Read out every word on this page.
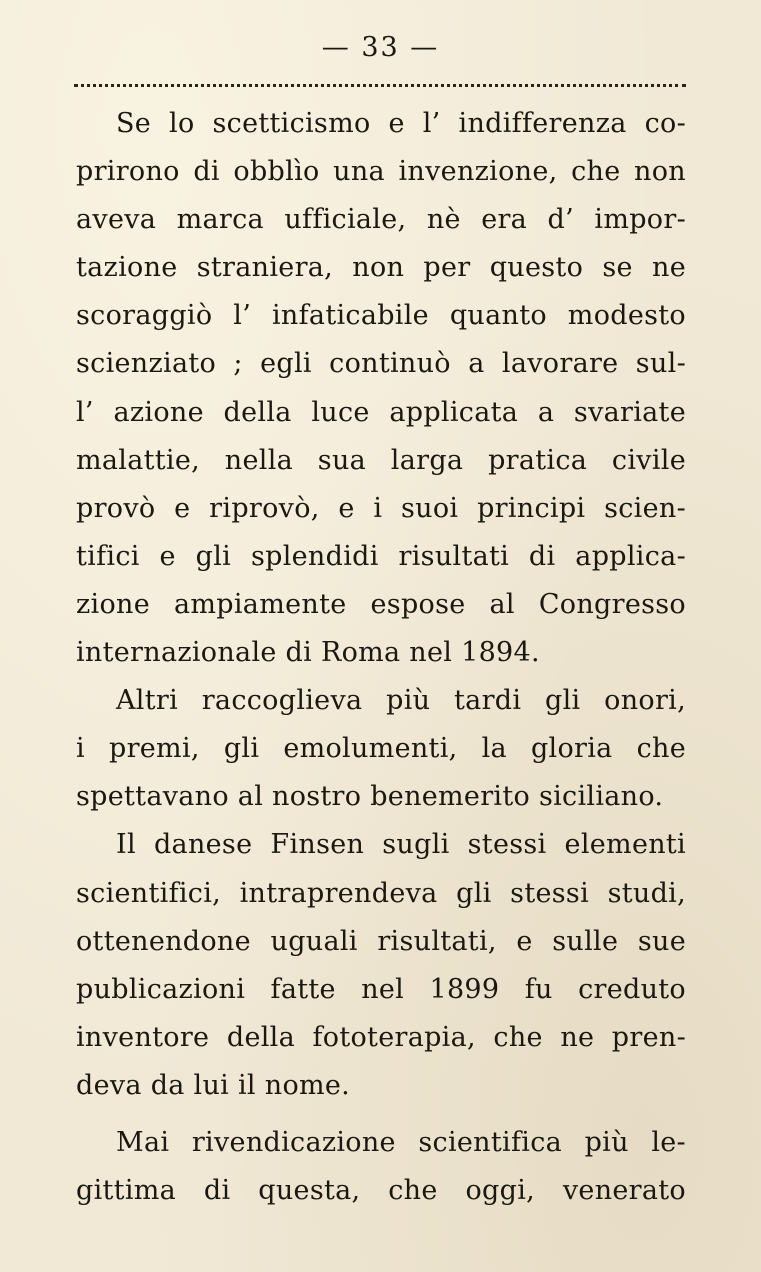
— 33 —
Se lo scetticismo e l’ indifferenza co-
prirono di obblìo una invenzione, che non
aveva marca ufficiale, nè era d’ impor-
tazione straniera, non per questo se ne
scoraggiò l’ infaticabile quanto modesto
scienziato ; egli continuò a lavorare sul-
l’ azione della luce applicata a svariate
malattie, nella sua larga pratica civile
provò e riprovò, e i suoi principi scien-
tifici e gli splendidi risultati di applica-
zione ampiamente espose al Congresso
internazionale di Roma nel 1894.
Altri raccoglieva più tardi gli onori,
i premi, gli emolumenti, la gloria che
spettavano al nostro benemerito siciliano.
Il danese Finsen sugli stessi elementi
scientifici, intraprendeva gli stessi studi,
ottenendone uguali risultati, e sulle sue
publicazioni fatte nel 1899 fu creduto
inventore della fototerapia, che ne pren-
deva da lui il nome.
Mai rivendicazione scientifica più le-
gittima di questa, che oggi, venerato
